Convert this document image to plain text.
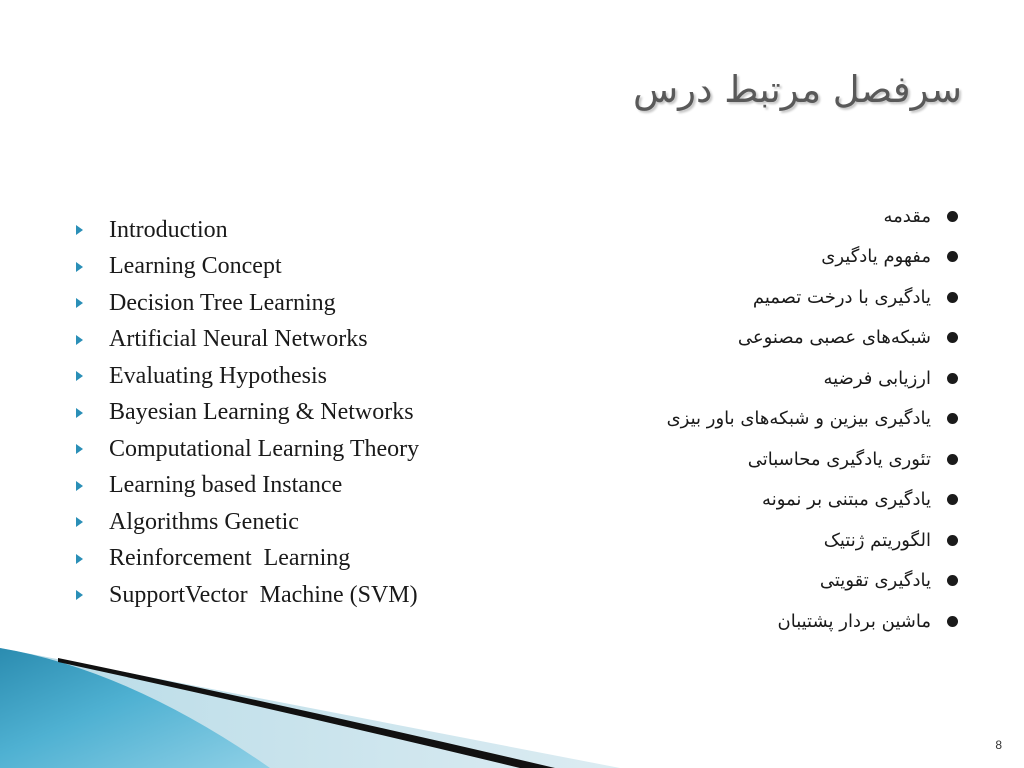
سرفصل مرتبط درس
Introduction
Learning Concept
Decision Tree Learning
Artificial Neural Networks
Evaluating Hypothesis
Bayesian Learning & Networks
Computational Learning Theory
Learning based Instance
Algorithms Genetic
Reinforcement  Learning
SupportVector  Machine (SVM)
مقدمه
مفهوم یادگیری
یادگیری با درخت تصمیم
شبکه‌های عصبی مصنوعی
ارزیابی فرضیه
یادگیری بیزین و شبکه‌های باور بیزی
تئوری یادگیری محاسباتی
یادگیری مبتنی بر نمونه
الگوریتم ژنتیک
یادگیری تقویتی
ماشین بردار پشتیبان
8
